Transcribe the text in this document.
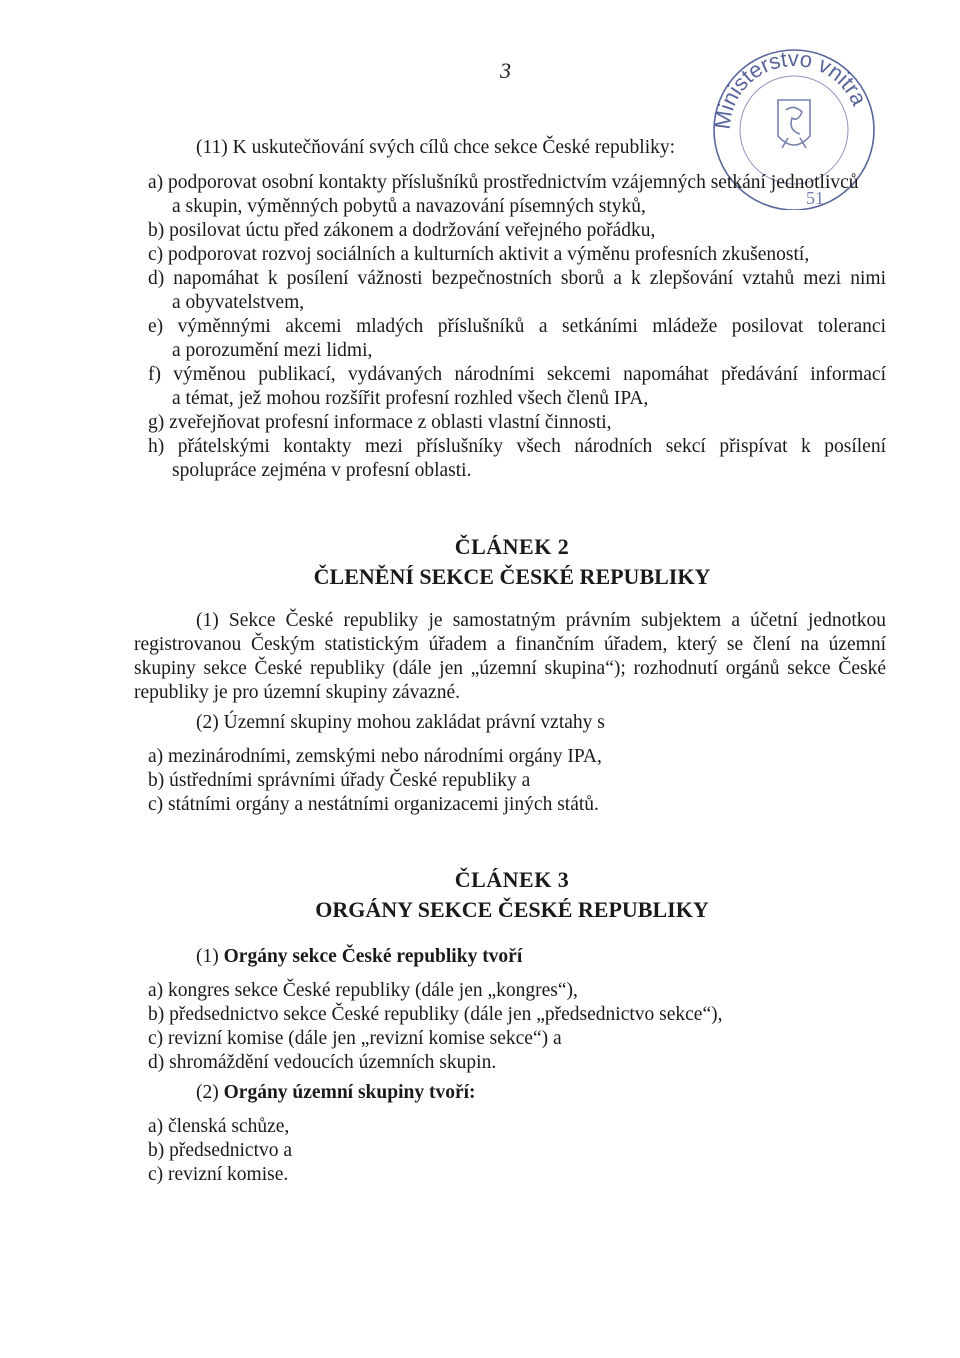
3
Ministerstvo vnitra
51
(11) K uskutečňování svých cílů chce sekce České republiky:
a) podporovat osobní kontakty příslušníků prostřednictvím vzájemných setkání jednotlivců
a skupin, výměnných pobytů a navazování písemných styků,
b) posilovat úctu před zákonem a dodržování veřejného pořádku,
c) podporovat rozvoj sociálních a kulturních aktivit a výměnu profesních zkušeností,
d) napomáhat k posílení vážnosti bezpečnostních sborů a k zlepšování vztahů mezi nimi
a obyvatelstvem,
e) výměnnými akcemi mladých příslušníků a setkáními mládeže posilovat toleranci
a porozumění mezi lidmi,
f) výměnou publikací, vydávaných národními sekcemi napomáhat předávání informací
a témat, jež mohou rozšířit profesní rozhled všech členů IPA,
g) zveřejňovat profesní informace z oblasti vlastní činnosti,
h) přátelskými kontakty mezi příslušníky všech národních sekcí přispívat k posílení
spolupráce zejména v profesní oblasti.
ČLÁNEK 2
ČLENĚNÍ SEKCE ČESKÉ REPUBLIKY
(1) Sekce České republiky je samostatným právním subjektem a účetní jednotkou
registrovanou Českým statistickým úřadem a finančním úřadem, který se člení na územní
skupiny sekce České republiky (dále jen „územní skupina“); rozhodnutí orgánů sekce České
republiky je pro územní skupiny závazné.
(2) Územní skupiny mohou zakládat právní vztahy s
a) mezinárodními, zemskými nebo národními orgány IPA,
b) ústředními správními úřady České republiky a
c) státními orgány a nestátními organizacemi jiných států.
ČLÁNEK 3
ORGÁNY SEKCE ČESKÉ REPUBLIKY
(1) Orgány sekce České republiky tvoří
a) kongres sekce České republiky (dále jen „kongres“),
b) předsednictvo sekce České republiky (dále jen „předsednictvo sekce“),
c) revizní komise (dále jen „revizní komise sekce“) a
d) shromáždění vedoucích územních skupin.
(2) Orgány územní skupiny tvoří:
a) členská schůze,
b) předsednictvo a
c) revizní komise.
